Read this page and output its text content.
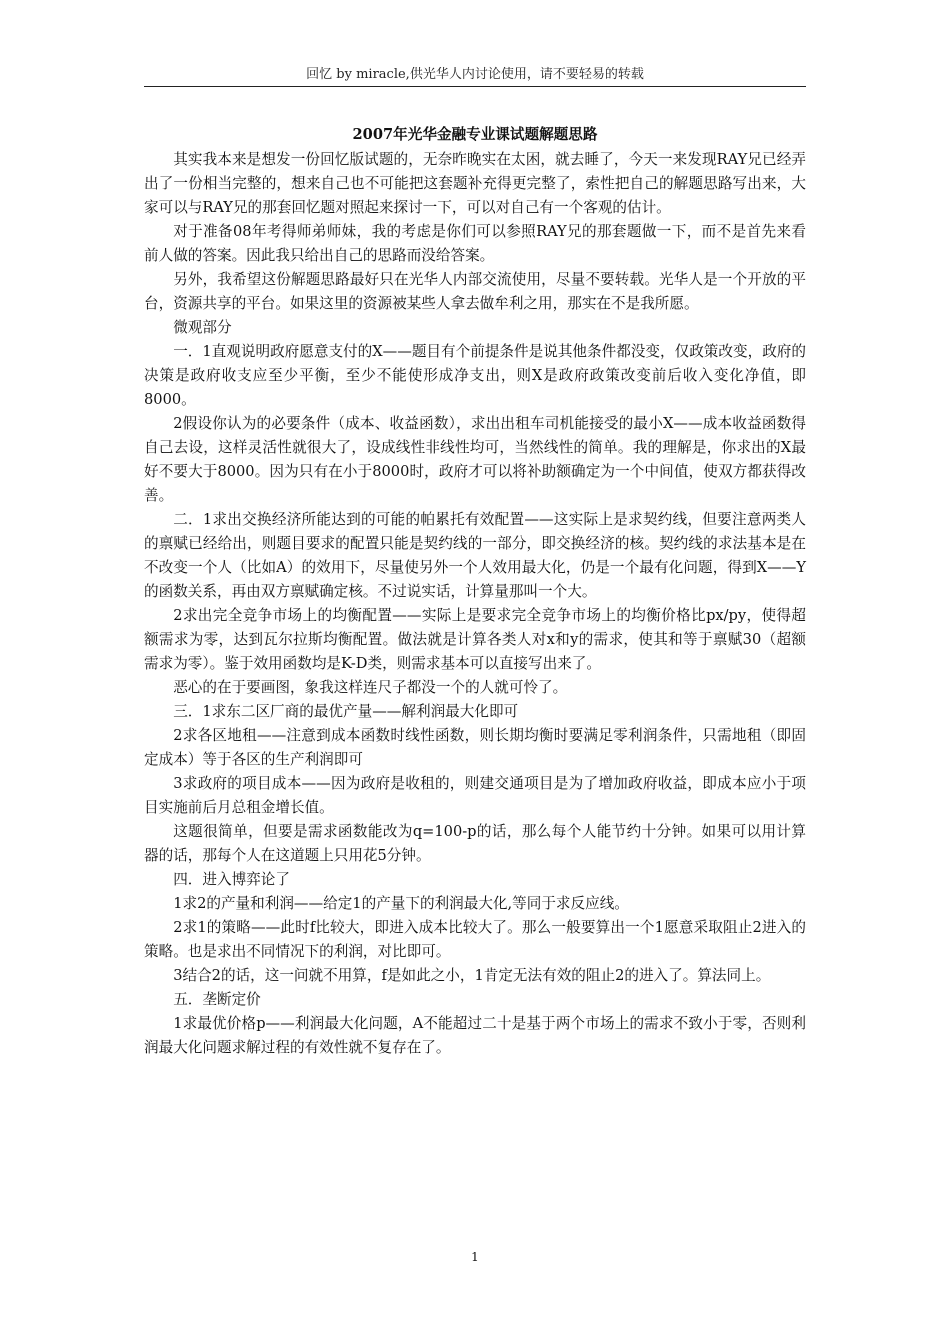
回忆 by miracle,供光华人内讨论使用，请不要轻易的转载
2007年光华金融专业课试题解题思路

其实我本来是想发一份回忆版试题的，无奈昨晚实在太困，就去睡了，今天一来发现RAY兄已经弄出了一份相当完整的，想来自己也不可能把这套题补充得更完整了，索性把自己的解题思路写出来，大家可以与RAY兄的那套回忆题对照起来探讨一下，可以对自己有一个客观的估计。

对于准备08年考得师弟师妹，我的考虑是你们可以参照RAY兄的那套题做一下，而不是首先来看前人做的答案。因此我只给出自己的思路而没给答案。

另外，我希望这份解题思路最好只在光华人内部交流使用，尽量不要转载。光华人是一个开放的平台，资源共享的平台。如果这里的资源被某些人拿去做牟利之用，那实在不是我所愿。

微观部分

一．1直观说明政府愿意支付的X——题目有个前提条件是说其他条件都没变，仅政策改变，政府的决策是政府收支应至少平衡，至少不能使形成净支出，则X是政府政策改变前后收入变化净值，即8000。

2假设你认为的必要条件（成本、收益函数），求出出租车司机能接受的最小X——成本收益函数得自己去设，这样灵活性就很大了，设成线性非线性均可，当然线性的简单。我的理解是，你求出的X最好不要大于8000。因为只有在小于8000时，政府才可以将补助额确定为一个中间值，使双方都获得改善。

二．1求出交换经济所能达到的可能的帕累托有效配置——这实际上是求契约线，但要注意两类人的禀赋已经给出，则题目要求的配置只能是契约线的一部分，即交换经济的核。契约线的求法基本是在不改变一个人（比如A）的效用下，尽量使另外一个人效用最大化，仍是一个最有化问题，得到X——Y的函数关系，再由双方禀赋确定核。不过说实话，计算量那叫一个大。

2求出完全竞争市场上的均衡配置——实际上是要求完全竞争市场上的均衡价格比px/py，使得超额需求为零，达到瓦尔拉斯均衡配置。做法就是计算各类人对x和y的需求，使其和等于禀赋30（超额需求为零）。鉴于效用函数均是K-D类，则需求基本可以直接写出来了。

恶心的在于要画图，象我这样连尺子都没一个的人就可怜了。

三．1求东二区厂商的最优产量——解利润最大化即可

2求各区地租——注意到成本函数时线性函数，则长期均衡时要满足零利润条件，只需地租（即固定成本）等于各区的生产利润即可

3求政府的项目成本——因为政府是收租的，则建交通项目是为了增加政府收益，即成本应小于项目实施前后月总租金增长值。

这题很简单，但要是需求函数能改为q=100-p的话，那么每个人能节约十分钟。如果可以用计算器的话，那每个人在这道题上只用花5分钟。

四．进入博弈论了

1求2的产量和利润——给定1的产量下的利润最大化,等同于求反应线。

2求1的策略——此时f比较大，即进入成本比较大了。那么一般要算出一个1愿意采取阻止2进入的策略。也是求出不同情况下的利润，对比即可。

3结合2的话，这一问就不用算，f是如此之小，1肯定无法有效的阻止2的进入了。算法同上。

五．垄断定价

1求最优价格p——利润最大化问题，A不能超过二十是基于两个市场上的需求不致小于零，否则利润最大化问题求解过程的有效性就不复存在了。

1
